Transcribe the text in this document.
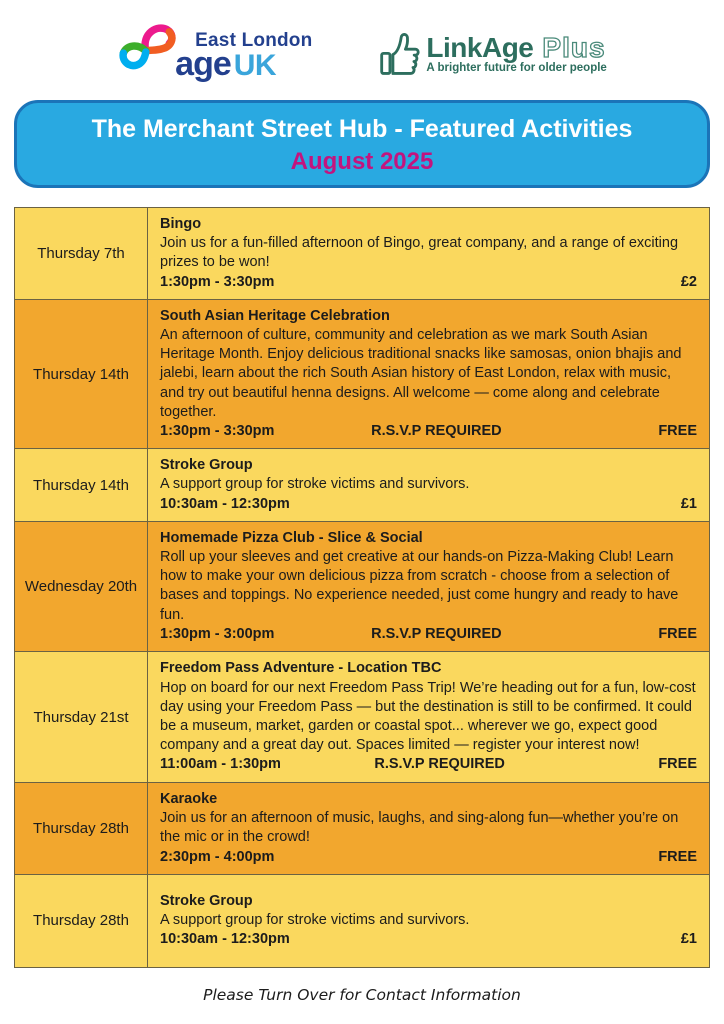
East London
age UK
LinkAge Plus
A brighter future for older people
The Merchant Street Hub - Featured Activities
August 2025
Thursday 7th
Bingo
Join us for a fun-filled afternoon of Bingo, great company, and a range of exciting prizes to be won!
1:30pm - 3:30pm	£2
Thursday 14th
South Asian Heritage Celebration
An afternoon of culture, community and celebration as we mark South Asian Heritage Month. Enjoy delicious traditional snacks like samosas, onion bhajis and jalebi, learn about the rich South Asian history of East London, relax with music, and try out beautiful henna designs. All welcome — come along and celebrate together.
1:30pm - 3:30pm	R.S.V.P REQUIRED	FREE
Thursday 14th
Stroke Group
A support group for stroke victims and survivors.
10:30am - 12:30pm	£1
Wednesday 20th
Homemade Pizza Club - Slice & Social
Roll up your sleeves and get creative at our hands-on Pizza-Making Club! Learn how to make your own delicious pizza from scratch - choose from a selection of bases and toppings. No experience needed, just come hungry and ready to have fun.
1:30pm - 3:00pm	R.S.V.P REQUIRED	FREE
Thursday 21st
Freedom Pass Adventure - Location TBC
Hop on board for our next Freedom Pass Trip! We’re heading out for a fun, low-cost day using your Freedom Pass — but the destination is still to be confirmed. It could be a museum, market, garden or coastal spot... wherever we go, expect good company and a great day out. Spaces limited — register your interest now!
11:00am - 1:30pm	R.S.V.P REQUIRED	FREE
Thursday 28th
Karaoke
Join us for an afternoon of music, laughs, and sing-along fun—whether you’re on the mic or in the crowd!
2:30pm - 4:00pm	FREE
Thursday 28th
Stroke Group
A support group for stroke victims and survivors.
10:30am - 12:30pm	£1
Please Turn Over for Contact Information
